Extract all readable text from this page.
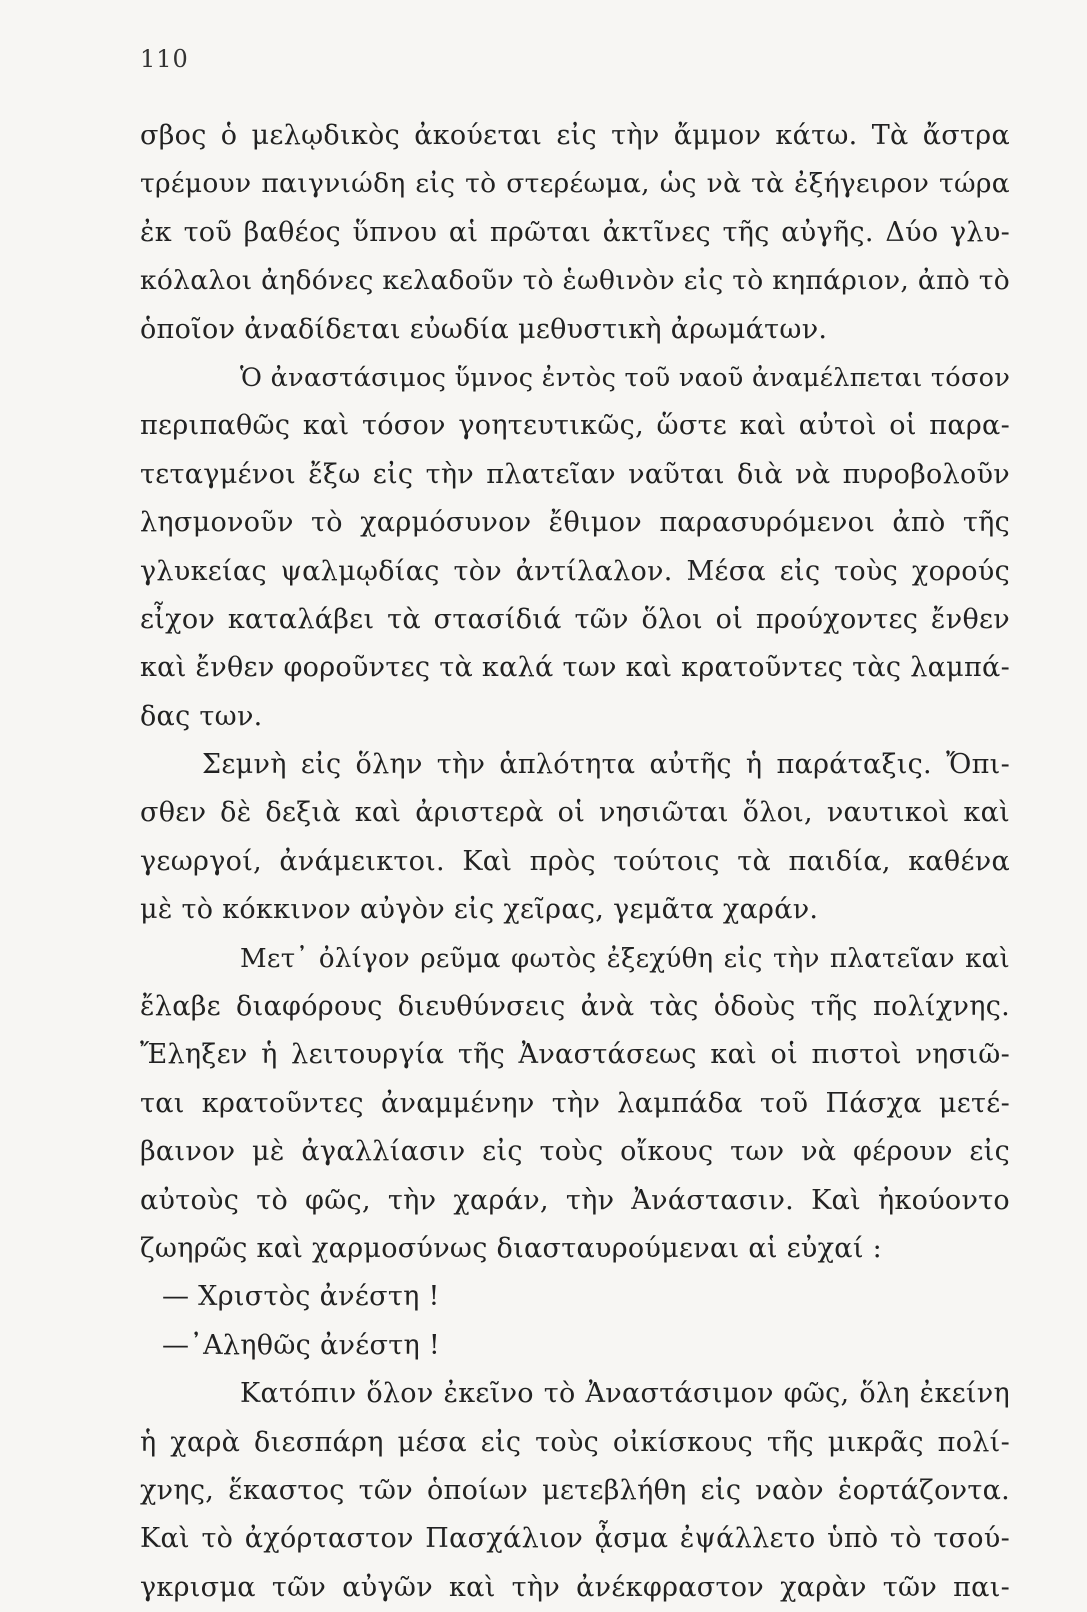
110
σβος ὁ μελῳδικὸς ἀκούεται εἰς τὴν ἄμμον κάτω. Τὰ ἄστρα
τρέμουν παιγνιώδη εἰς τὸ στερέωμα, ὡς νὰ τὰ ἐξήγειρον τώρα
ἐκ τοῦ βαθέος ὕπνου αἱ πρῶται ἀκτῖνες τῆς αὐγῆς. Δύο γλυ-
κόλαλοι ἀηδόνες κελαδοῦν τὸ ἑωθινὸν εἰς τὸ κηπάριον, ἀπὸ τὸ
ὁποῖον ἀναδίδεται εὐωδία μεθυστικὴ ἀρωμάτων.
Ὁ ἀναστάσιμος ὕμνος ἐντὸς τοῦ ναοῦ ἀναμέλπεται τόσον
περιπαθῶς καὶ τόσον γοητευτικῶς, ὥστε καὶ αὐτοὶ οἱ παρα-
τεταγμένοι ἔξω εἰς τὴν πλατεῖαν ναῦται διὰ νὰ πυροβολοῦν
λησμονοῦν τὸ χαρμόσυνον ἔθιμον παρασυρόμενοι ἀπὸ τῆς
γλυκείας ψαλμῳδίας τὸν ἀντίλαλον. Μέσα εἰς τοὺς χορούς
εἶχον καταλάβει τὰ στασίδιά τῶν ὅλοι οἱ προύχοντες ἔνθεν
καὶ ἔνθεν φοροῦντες τὰ καλά των καὶ κρατοῦντες τὰς λαμπά-
δας των.
Σεμνὴ εἰς ὅλην τὴν ἁπλότητα αὐτῆς ἡ παράταξις. Ὄπι-
σθεν δὲ δεξιὰ καὶ ἀριστερὰ οἱ νησιῶται ὅλοι, ναυτικοὶ καὶ
γεωργοί, ἀνάμεικτοι. Καὶ πρὸς τούτοις τὰ παιδία, καθένα
μὲ τὸ κόκκινον αὐγὸν εἰς χεῖρας, γεμᾶτα χαράν.
Μετ᾽ ὀλίγον ρεῦμα φωτὸς ἐξεχύθη εἰς τὴν πλατεῖαν καὶ
ἔλαβε διαφόρους διευθύνσεις ἀνὰ τὰς ὁδοὺς τῆς πολίχνης.
Ἔληξεν ἡ λειτουργία τῆς Ἀναστάσεως καὶ οἱ πιστοὶ νησιῶ-
ται κρατοῦντες ἀναμμένην τὴν λαμπάδα τοῦ Πάσχα μετέ-
βαινον μὲ ἀγαλλίασιν εἰς τοὺς οἴκους των νὰ φέρουν εἰς
αὐτοὺς τὸ φῶς, τὴν χαράν, τὴν Ἀνάστασιν. Καὶ ἠκούοντο
ζωηρῶς καὶ χαρμοσύνως διασταυρούμεναι αἱ εὐχαί :
— Χριστὸς ἀνέστη !
—᾽Αληθῶς ἀνέστη !
Κατόπιν ὅλον ἐκεῖνο τὸ Ἀναστάσιμον φῶς, ὅλη ἐκείνη
ἡ χαρὰ διεσπάρη μέσα εἰς τοὺς οἰκίσκους τῆς μικρᾶς πολί-
χνης, ἕκαστος τῶν ὁποίων μετεβλήθη εἰς ναὸν ἑορτάζοντα.
Καὶ τὸ ἀχόρταστον Πασχάλιον ᾆσμα ἐψάλλετο ὑπὸ τὸ τσού-
γκρισμα τῶν αὐγῶν καὶ τὴν ἀνέκφραστον χαρὰν τῶν παι-
